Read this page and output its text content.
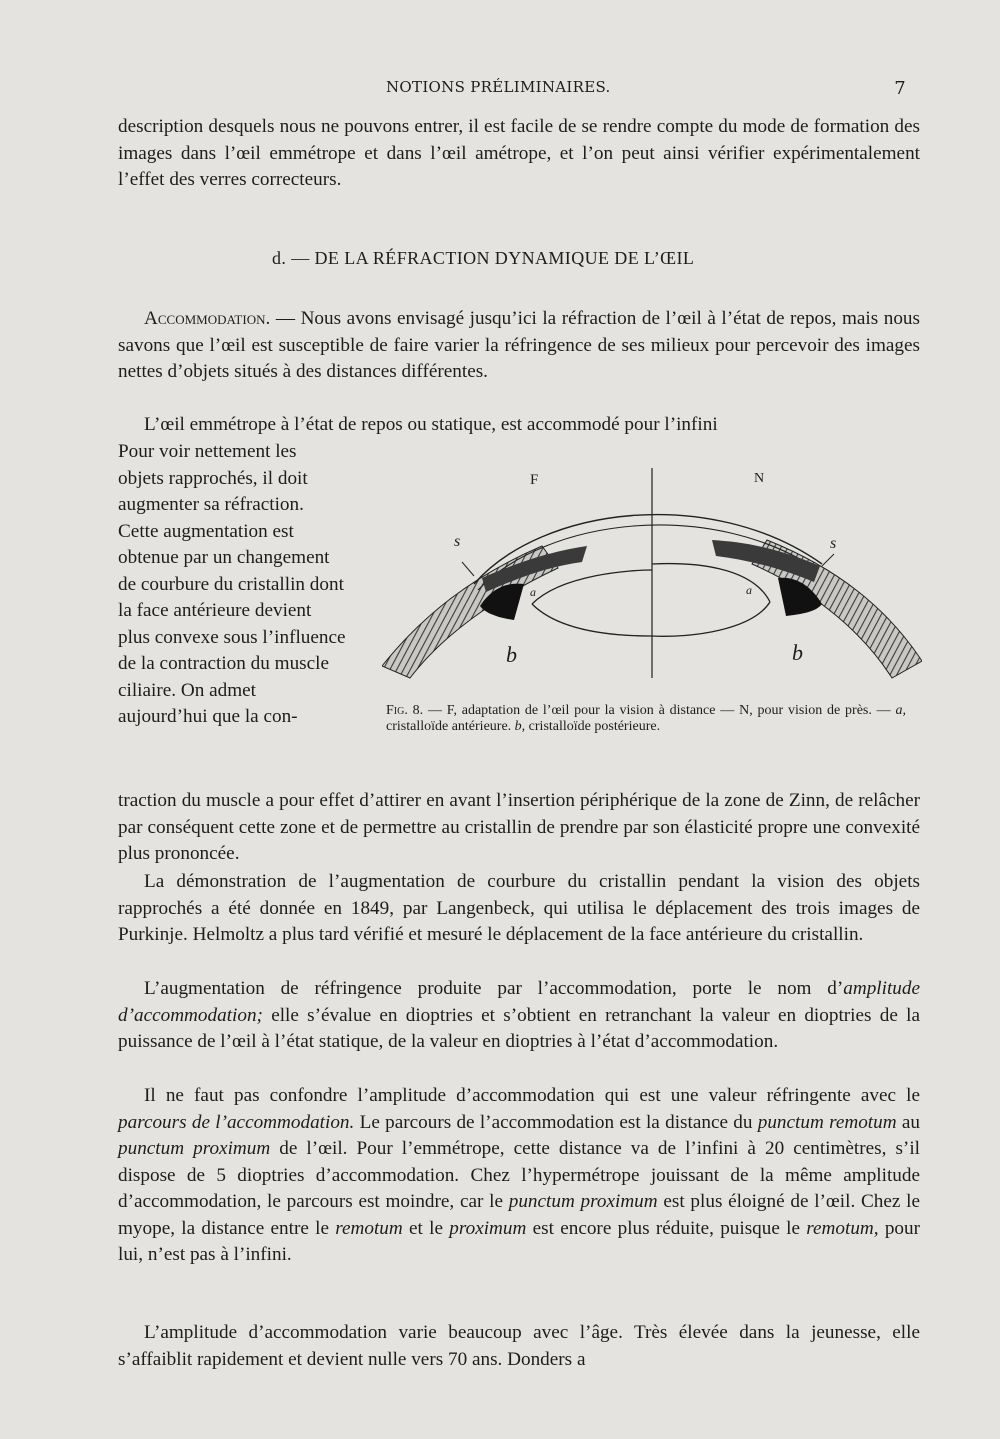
NOTIONS PRÉLIMINAIRES.	7

description desquels nous ne pouvons entrer, il est facile de se rendre compte du mode de formation des images dans l’œil emmétrope et dans l’œil amétrope, et l’on peut ainsi vérifier expérimentalement l’effet des verres correcteurs.

d. — DE LA RÉFRACTION DYNAMIQUE DE L’ŒIL

Accommodation. — Nous avons envisagé jusqu’ici la réfraction de l’œil à l’état de repos, mais nous savons que l’œil est susceptible de faire varier la réfringence de ses milieux pour percevoir des images nettes d’objets situés à des distances différentes.

L’œil emmétrope à l’état de repos ou statique, est accommodé pour l’infini

Pour voir nettement les objets rapprochés, il doit augmenter sa réfraction. Cette augmentation est obtenue par un changement de courbure du cristallin dont la face antérieure devient plus convexe sous l’influence de la contraction du muscle ciliaire. On admet aujourd’hui que la con-

F	N
s	s
a	a
b	b

Fig. 8. — F, adaptation de l’œil pour la vision à distance — N, pour vision de près. — a, cristalloïde antérieure. b, cristalloïde postérieure.

traction du muscle a pour effet d’attirer en avant l’insertion périphérique de la zone de Zinn, de relâcher par conséquent cette zone et de permettre au cristallin de prendre par son élasticité propre une convexité plus prononcée.

La démonstration de l’augmentation de courbure du cristallin pendant la vision des objets rapprochés a été donnée en 1849, par Langenbeck, qui utilisa le déplacement des trois images de Purkinje. Helmoltz a plus tard vérifié et mesuré le déplacement de la face antérieure du cristallin.

L’augmentation de réfringence produite par l’accommodation, porte le nom d’amplitude d’accommodation; elle s’évalue en dioptries et s’obtient en retranchant la valeur en dioptries de la puissance de l’œil à l’état statique, de la valeur en dioptries à l’état d’accommodation.

Il ne faut pas confondre l’amplitude d’accommodation qui est une valeur réfringente avec le parcours de l’accommodation. Le parcours de l’accommodation est la distance du punctum remotum au punctum proximum de l’œil. Pour l’emmétrope, cette distance va de l’infini à 20 centimètres, s’il dispose de 5 dioptries d’accommodation. Chez l’hypermétrope jouissant de la même amplitude d’accommodation, le parcours est moindre, car le punctum proximum est plus éloigné de l’œil. Chez le myope, la distance entre le remotum et le proximum est encore plus réduite, puisque le remotum, pour lui, n’est pas à l’infini.

L’amplitude d’accommodation varie beaucoup avec l’âge. Très élevée dans la jeunesse, elle s’affaiblit rapidement et devient nulle vers 70 ans. Donders a
